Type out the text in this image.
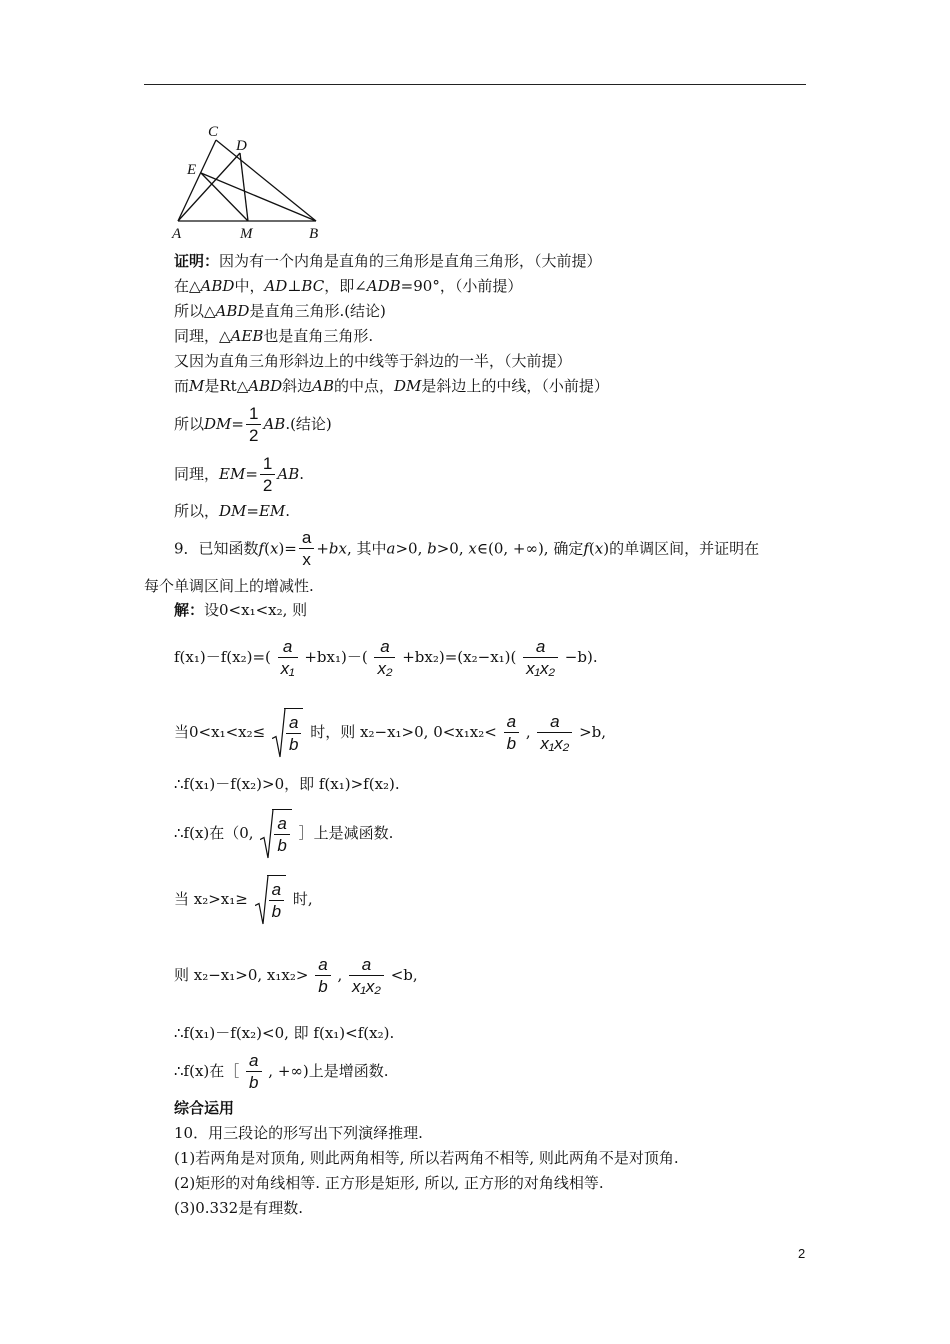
C
D
E
A	M	B
证明：因为有一个内角是直角的三角形是直角三角形，（大前提）
在△ABD中，AD⊥BC，即∠ADB=90°，（小前提）
所以△ABD是直角三角形.(结论)
同理，△AEB也是直角三角形.
又因为直角三角形斜边上的中线等于斜边的一半，（大前提）
而M是Rt△ABD斜边AB的中点，DM是斜边上的中线，（小前提）
所以$DM= \frac{1}{2} AB$.(结论)
同理，$EM= \frac{1}{2}$ AB.
所以，DM=EM.
9．已知函数$f(x)= \frac{a}{x} +bx$, 其中a>0, b>0, x∈(0, +∞), 确定f(x)的单调区间，并证明在
每个单调区间上的增减性.
解：设0<x₁<x₂, 则
$f(x_1)-f(x_2)=( \frac{a}{\text{x₁}} +bx_1)-( \frac{a}{\text{x₂}} +bx_2)=(x_2-x_1)( \frac{a}{\text{x₁x₂}} -b)$.
当$0<x_1<x_2\le \frac{a}{b}$ 时，则 x₂−x₁>0, $0<x_1x_2< \frac{a}{b}$ , $\frac{a}{\text{x₁x₂}} >b$,
∴f(x₁)－f(x₂)>0，即 f(x₁)>f(x₂).
∴f(x)在（0, $\frac{a}{b}$ ］上是减函数.
当 $x_2>x_1\ge \frac{a}{b}$ 时,
则 x₂−x₁>0, $x_1x_2> \frac{a}{b}$ , $\frac{a}{\text{x₁x₂}} <b$,
∴f(x₁)－f(x₂)<0, 即 f(x₁)<f(x₂).
∴f(x)在［ $\frac{a}{b}$ , +∞)上是增函数.
综合运用
10．用三段论的形写出下列演绎推理.
(1)若两角是对顶角, 则此两角相等, 所以若两角不相等, 则此两角不是对顶角.
(2)矩形的对角线相等. 正方形是矩形, 所以, 正方形的对角线相等.
(3)0.332是有理数.
2
